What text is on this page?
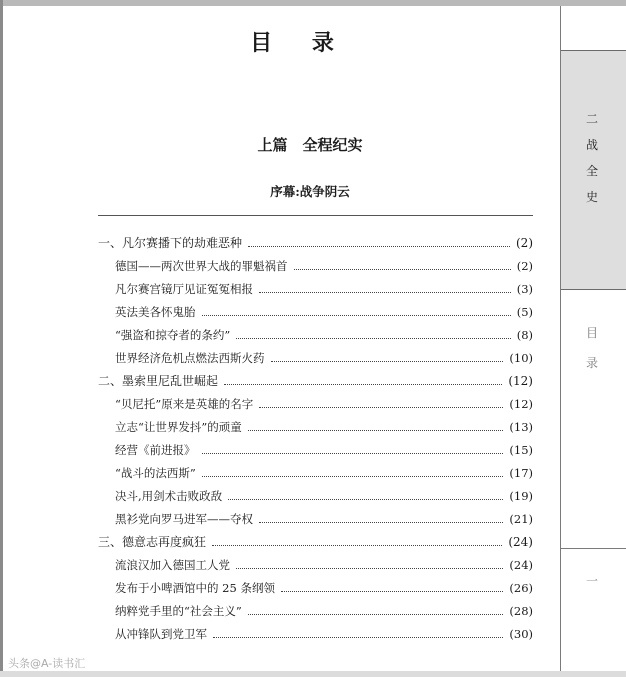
目 录
上篇　全程纪实
序幕:战争阴云
一、凡尔赛播下的劫难恶种	(2)
德国——两次世界大战的罪魁祸首	(2)
凡尔赛宫镜厅见证冤冤相报	(3)
英法美各怀鬼胎	(5)
“强盗和掠夺者的条约”	(8)
世界经济危机点燃法西斯火药	(10)
二、墨索里尼乱世崛起	(12)
“贝尼托”原来是英雄的名字	(12)
立志“让世界发抖”的顽童	(13)
经营《前进报》	(15)
“战斗的法西斯”	(17)
决斗,用剑术击败政敌	(19)
黑衫党向罗马进军——夺权	(21)
三、德意志再度疯狂	(24)
流浪汉加入德国工人党	(24)
发布于小啤酒馆中的 25 条纲领	(26)
纳粹党手里的“社会主义”	(28)
从冲锋队到党卫军	(30)
二
战
全
史
目
录
一
头条@A-读书汇
